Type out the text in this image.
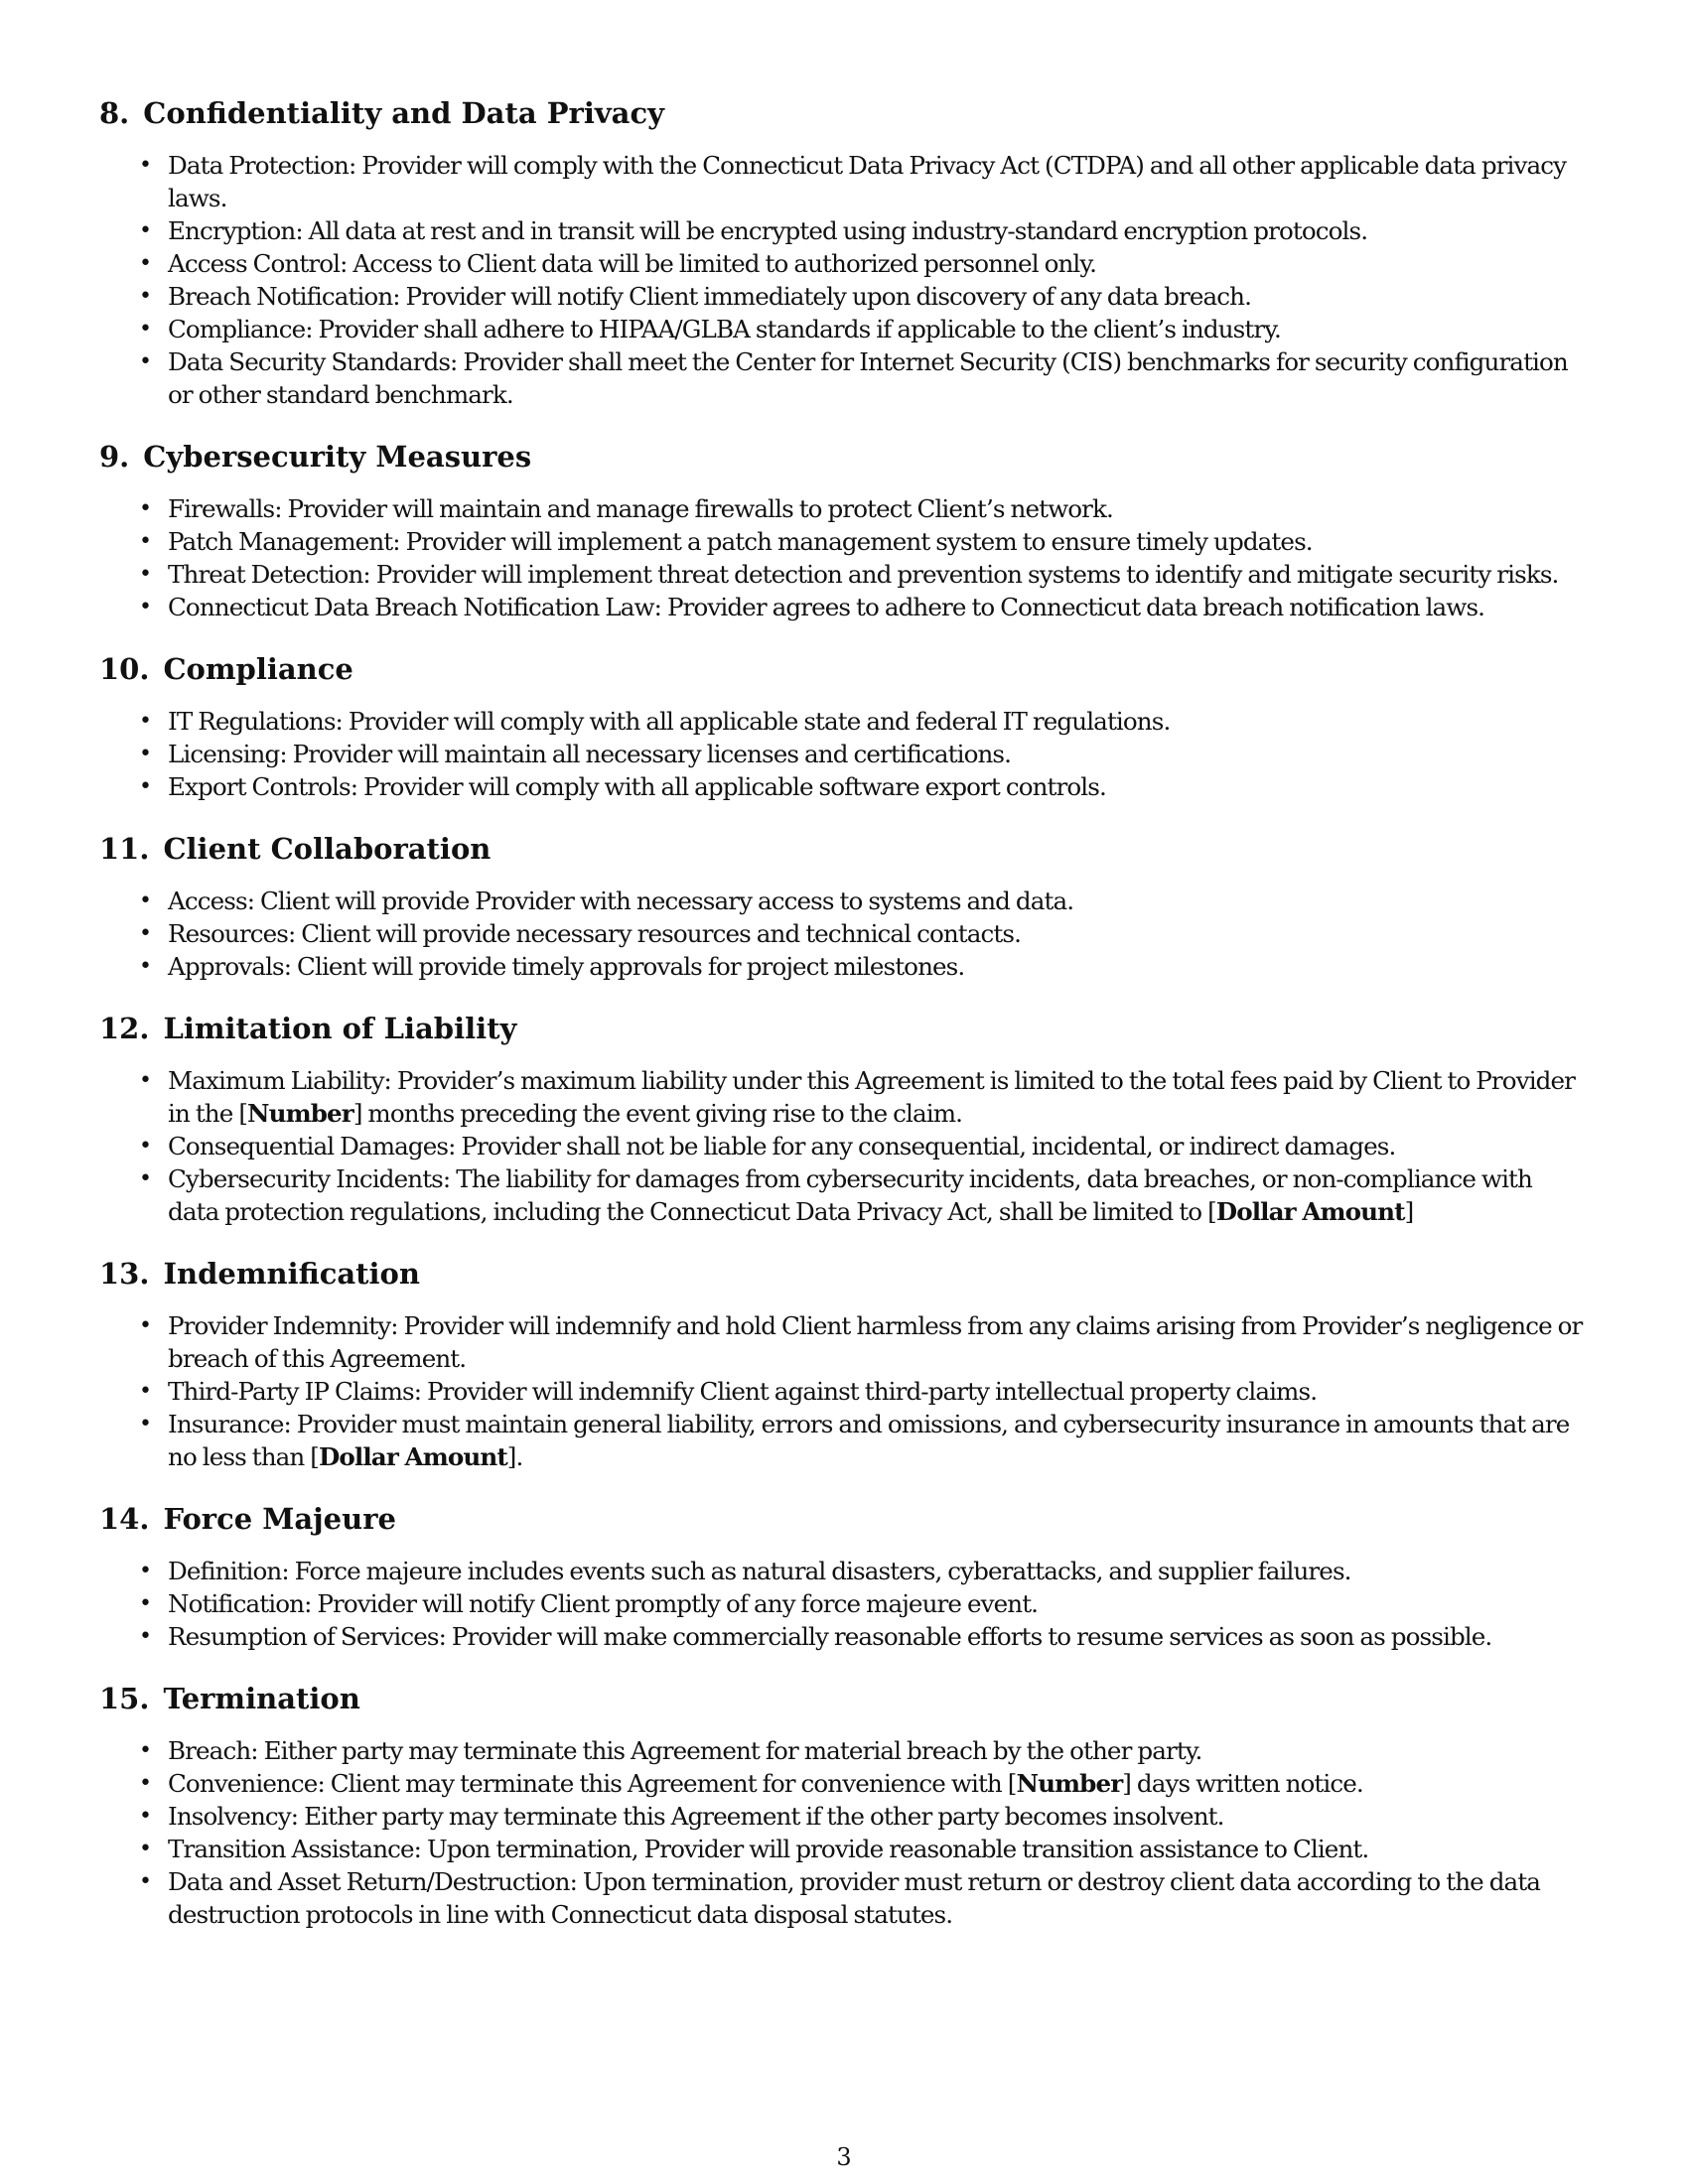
8. Confidentiality and Data Privacy
• Data Protection: Provider will comply with the Connecticut Data Privacy Act (CTDPA) and all other applicable data privacy laws.
• Encryption: All data at rest and in transit will be encrypted using industry-standard encryption protocols.
• Access Control: Access to Client data will be limited to authorized personnel only.
• Breach Notification: Provider will notify Client immediately upon discovery of any data breach.
• Compliance: Provider shall adhere to HIPAA/GLBA standards if applicable to the client’s industry.
• Data Security Standards: Provider shall meet the Center for Internet Security (CIS) benchmarks for security configuration or other standard benchmark.
9. Cybersecurity Measures
• Firewalls: Provider will maintain and manage firewalls to protect Client’s network.
• Patch Management: Provider will implement a patch management system to ensure timely updates.
• Threat Detection: Provider will implement threat detection and prevention systems to identify and mitigate security risks.
• Connecticut Data Breach Notification Law: Provider agrees to adhere to Connecticut data breach notification laws.
10. Compliance
• IT Regulations: Provider will comply with all applicable state and federal IT regulations.
• Licensing: Provider will maintain all necessary licenses and certifications.
• Export Controls: Provider will comply with all applicable software export controls.
11. Client Collaboration
• Access: Client will provide Provider with necessary access to systems and data.
• Resources: Client will provide necessary resources and technical contacts.
• Approvals: Client will provide timely approvals for project milestones.
12. Limitation of Liability
• Maximum Liability: Provider’s maximum liability under this Agreement is limited to the total fees paid by Client to Provider in the [Number] months preceding the event giving rise to the claim.
• Consequential Damages: Provider shall not be liable for any consequential, incidental, or indirect damages.
• Cybersecurity Incidents: The liability for damages from cybersecurity incidents, data breaches, or non-compliance with data protection regulations, including the Connecticut Data Privacy Act, shall be limited to [Dollar Amount]
13. Indemnification
• Provider Indemnity: Provider will indemnify and hold Client harmless from any claims arising from Provider’s negligence or breach of this Agreement.
• Third-Party IP Claims: Provider will indemnify Client against third-party intellectual property claims.
• Insurance: Provider must maintain general liability, errors and omissions, and cybersecurity insurance in amounts that are no less than [Dollar Amount].
14. Force Majeure
• Definition: Force majeure includes events such as natural disasters, cyberattacks, and supplier failures.
• Notification: Provider will notify Client promptly of any force majeure event.
• Resumption of Services: Provider will make commercially reasonable efforts to resume services as soon as possible.
15. Termination
• Breach: Either party may terminate this Agreement for material breach by the other party.
• Convenience: Client may terminate this Agreement for convenience with [Number] days written notice.
• Insolvency: Either party may terminate this Agreement if the other party becomes insolvent.
• Transition Assistance: Upon termination, Provider will provide reasonable transition assistance to Client.
• Data and Asset Return/Destruction: Upon termination, provider must return or destroy client data according to the data destruction protocols in line with Connecticut data disposal statutes.
3
